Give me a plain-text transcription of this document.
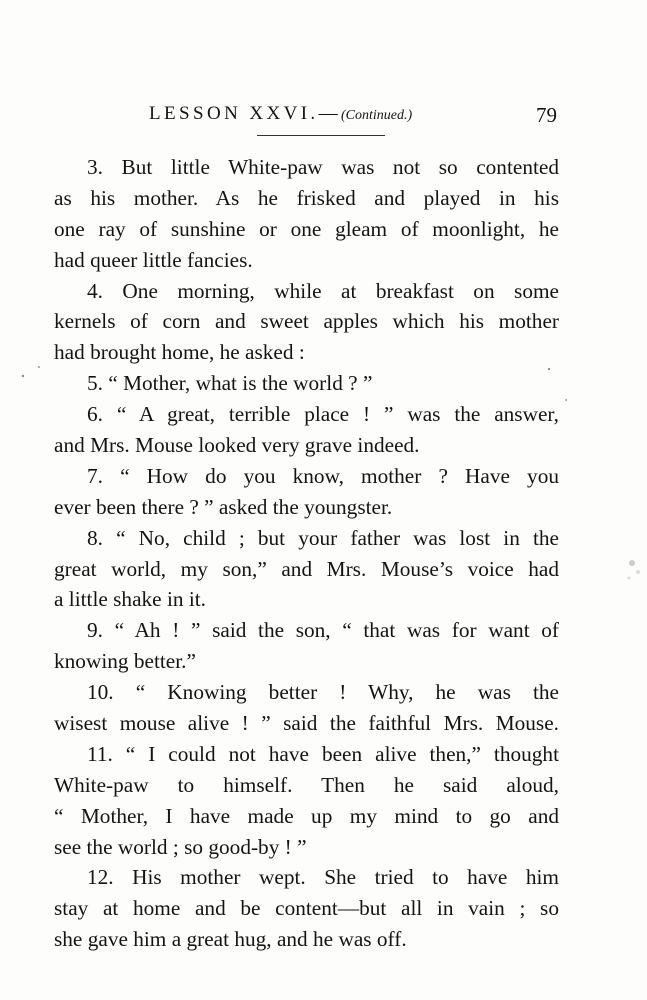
LESSON XXVI.—(Continued.)	79
3. But little White-paw was not so contented
as his mother. As he frisked and played in his
one ray of sunshine or one gleam of moonlight, he
had queer little fancies.
4. One morning, while at breakfast on some
kernels of corn and sweet apples which his mother
had brought home, he asked :
5. “ Mother, what is the world ? ”
6. “ A great, terrible place ! ” was the answer,
and Mrs. Mouse looked very grave indeed.
7. “ How do you know, mother ? Have you
ever been there ? ” asked the youngster.
8. “ No, child ; but your father was lost in the
great world, my son,” and Mrs. Mouse’s voice had
a little shake in it.
9. “ Ah ! ” said the son, “ that was for want of
knowing better.”
10. “ Knowing better ! Why, he was the
wisest mouse alive ! ” said the faithful Mrs. Mouse.
11. “ I could not have been alive then,” thought
White-paw to himself. Then he said aloud,
“ Mother, I have made up my mind to go and
see the world ; so good-by ! ”
12. His mother wept. She tried to have him
stay at home and be content—but all in vain ; so
she gave him a great hug, and he was off.
